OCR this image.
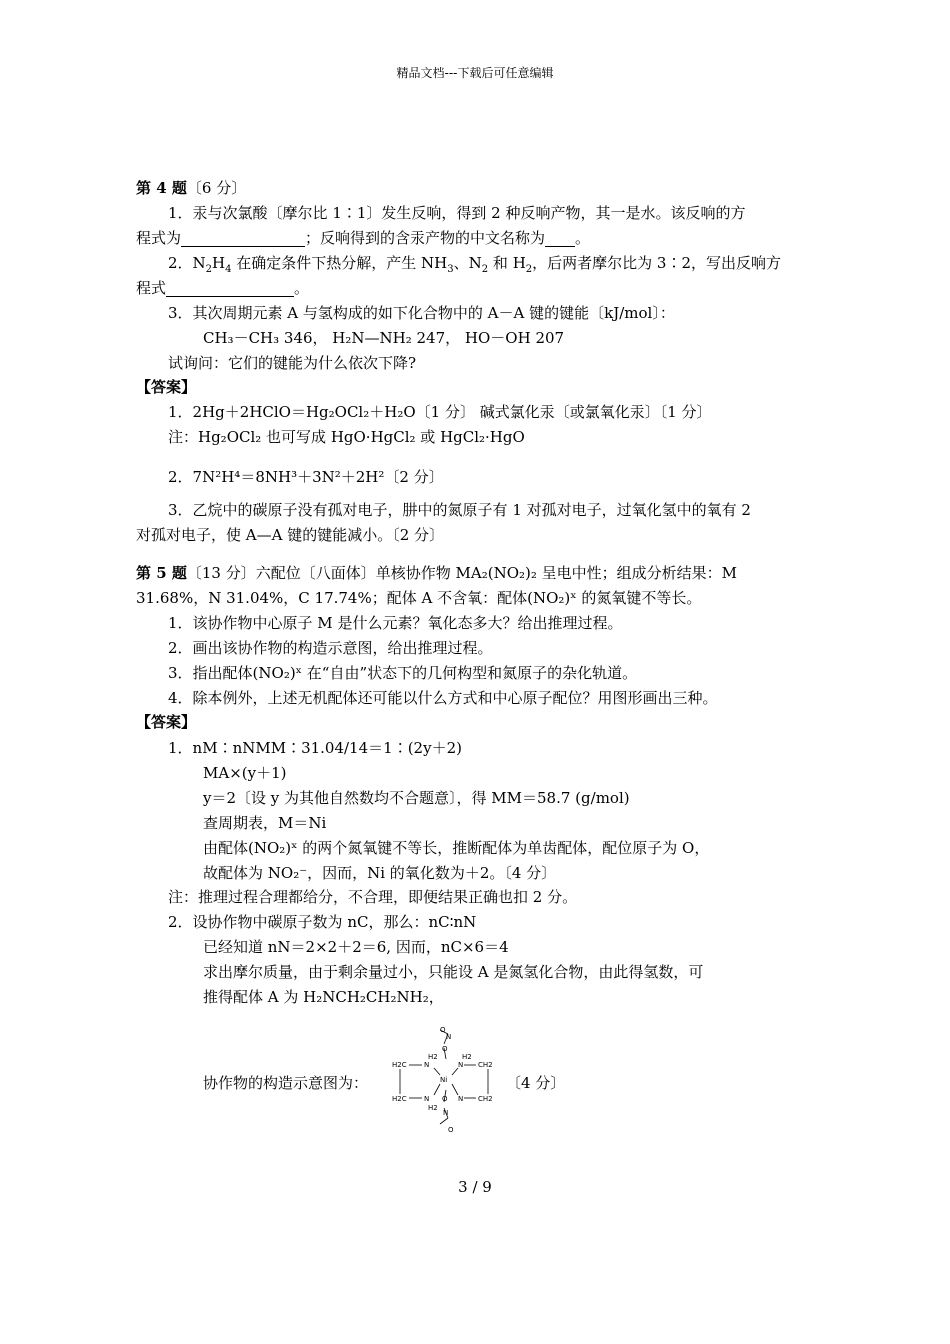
精品文档---下载后可任意编辑
第 4 题〔6 分〕
1．汞与次氯酸〔摩尔比 1∶1〕发生反响，得到 2 种反响产物，其一是水。该反响的方
程式为	；反响得到的含汞产物的中文名称为 。
2．$N_2H_4$ 在确定条件下热分解，产生 $NH_3$、$N_2$ 和 $H_2$，后两者摩尔比为 3∶2，写出反响方
程式	。
3．其次周期元素 A 与氢构成的如下化合物中的 A－A 键的键能〔kJ/mol〕：
CH₃－CH₃ 346， H₂N—NH₂ 247， HO－OH 207
试询问：它们的键能为什么依次下降?
【答案】
1．2Hg＋2HClO＝Hg₂OCl₂＋H₂O〔1 分〕 碱式氯化汞〔或氯氧化汞〕〔1 分〕
注：Hg₂OCl₂ 也可写成 HgO·HgCl₂ 或 HgCl₂·HgO
2．7N²H⁴＝8NH³＋3N²＋2H²〔2 分〕
3．乙烷中的碳原子没有孤对电子，肼中的氮原子有 1 对孤对电子，过氧化氢中的氧有 2
对孤对电子，使 A—A 键的键能减小。〔2 分〕
第 5 题〔13 分〕六配位〔八面体〕单核协作物 MA₂(NO₂)₂ 呈电中性；组成分析结果：M
31.68%，N 31.04%，C 17.74%；配体 A 不含氧：配体(NO₂)ˣ 的氮氧键不等长。
1．该协作物中心原子 M 是什么元素？氧化态多大？给出推理过程。
2．画出该协作物的构造示意图，给出推理过程。
3．指出配体(NO₂)ˣ 在“自由”状态下的几何构型和氮原子的杂化轨道。
4．除本例外，上述无机配体还可能以什么方式和中心原子配位？用图形画出三种。
【答案】
1．nM∶nNMM∶31.04/14＝1∶(2y＋2)
MA×(y＋1)
y＝2〔设 y 为其他自然数均不合题意〕，得 MM＝58.7 (g/mol)
查周期表，M＝Ni
由配体(NO₂)ˣ 的两个氮氧键不等长，推断配体为单齿配体，配位原子为 O，
故配体为 NO₂⁻，因而，Ni 的氧化数为＋2。〔4 分〕
注：推理过程合理都给分，不合理，即便结果正确也扣 2 分。
2．设协作物中碳原子数为 nC，那么：nC∶nN
已经知道 nN＝2×2＋2＝6, 因而，nC×6＝4
求出摩尔质量，由于剩余量过小，只能设 A 是氮氢化合物，由此得氢数，可
推得配体 A 为 H₂NCH₂CH₂NH₂，
协作物的构造示意图为：	〔4 分〕
O
N
O
Ni
O
N
O
H2
H2C N
H2C N
H2
H2
N CH2
N CH2
3 / 9
